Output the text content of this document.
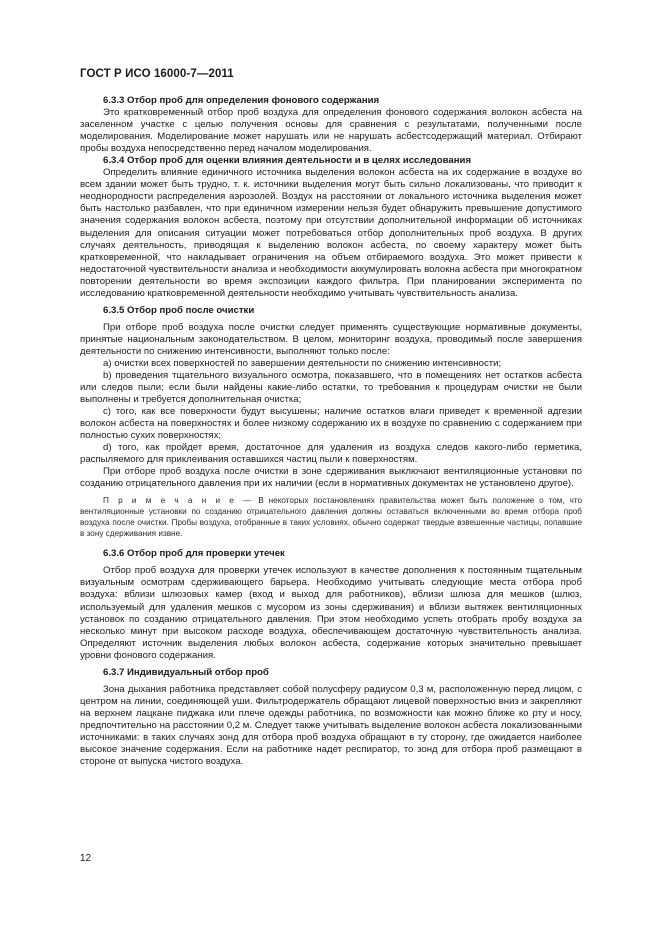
ГОСТ Р ИСО 16000-7—2011
6.3.3 Отбор проб для определения фонового содержания

Это кратковременный отбор проб воздуха для определения фонового содержания волокон асбеста на заселенном участке с целью получения основы для сравнения с результатами, полученными после моделирования. Моделирование может нарушать или не нарушать асбестсодержащий материал. Отбирают пробы воздуха непосредственно перед началом моделирования.

6.3.4 Отбор проб для оценки влияния деятельности и в целях исследования

Определить влияние единичного источника выделения волокон асбеста на их содержание в воздухе во всем здании может быть трудно, т. к. источники выделения могут быть сильно локализованы, что приводит к неоднородности распределения аэрозолей. Воздух на расстоянии от локального источника выделения может быть настолько разбавлен, что при единичном измерении нельзя будет обнаружить превышение допустимого значения содержания волокон асбеста, поэтому при отсутствии дополнительной информации об источниках выделения для описания ситуации может потребоваться отбор дополнительных проб воздуха. В других случаях деятельность, приводящая к выделению волокон асбеста, по своему характеру может быть кратковременной, что накладывает ограничения на объем отбираемого воздуха. Это может привести к недостаточной чувствительности анализа и необходимости аккумулировать волокна асбеста при многократном повторении деятельности во время экспозиции каждого фильтра. При планировании эксперимента по исследованию кратковременной деятельности необходимо учитывать чувствительность анализа.

6.3.5 Отбор проб после очистки

При отборе проб воздуха после очистки следует применять существующие нормативные документы, принятые национальным законодательством. В целом, мониторинг воздуха, проводимый после завершения деятельности по снижению интенсивности, выполняют только после:

а) очистки всех поверхностей по завершении деятельности по снижению интенсивности;

b) проведения тщательного визуального осмотра, показавшего, что в помещениях нет остатков асбеста или следов пыли; если были найдены какие-либо остатки, то требования к процедурам очистки не были выполнены и требуется дополнительная очистка;

с) тогo, как все поверхности будут высушены; наличие остатков влаги приведет к временной адгезии волокон асбеста на поверхностях и более низкому содержанию их в воздухе по сравнению с содержанием при полностью сухих поверхностях;

d) того, как пройдет время, достаточное для удаления из воздуха следов какого-либо герметика, распыляемого для приклеивания оставшихся частиц пыли к поверхностям.

При отборе проб воздуха после очистки в зоне сдерживания выключают вентиляционные установки по созданию отрицательного давления при их наличии (если в нормативных документах не установлено другое).

П р и м е ч а н и е — В некоторых постановлениях правительства может быть положение о том, что вентиляционные установки по созданию отрицательного давления должны оставаться включенными во время отбора проб воздуха после очистки. Пробы воздуха, отобранные в таких условиях, обычно содержат твердые взвешенные частицы, попавшие в зону сдерживания извне.

6.3.6 Отбор проб для проверки утечек

Отбор проб воздуха для проверки утечек используют в качестве дополнения к постоянным тщательным визуальным осмотрам сдерживающего барьера. Необходимо учитывать следующие места отбора проб воздуха: вблизи шлюзовых камер (вход и выход для работников), вблизи шлюза для мешков (шлюз, используемый для удаления мешков с мусором из зоны сдерживания) и вблизи вытяжек вентиляционных установок по созданию отрицательного давления. При этом необходимо успеть отобрать пробу воздуха за несколько минут при высоком расходе воздуха, обеспечивающем достаточную чувствительность анализа. Определяют источник выделения любых волокон асбеста, содержание которых значительно превышает уровни фонового содержания.

6.3.7 Индивидуальный отбор проб

Зона дыхания работника представляет собой полусферу радиусом 0,3 м, расположенную перед лицом, с центром на линии, соединяющей уши. Фильтродержатель обращают лицевой поверхностью вниз и закрепляют на верхнем лацкане пиджака или плече одежды работника, по возможности как можно ближе ко рту и носу, предпочтительно на расстоянии 0,2 м. Следует также учитывать выделение волокон асбеста локализованными источниками: в таких случаях зонд для отбора проб воздуха обращают в ту сторону, где ожидается наиболее высокое значение содержания. Если на работнике надет респиратор, то зонд для отбора проб размещают в стороне от выпуска чистого воздуха.

12
